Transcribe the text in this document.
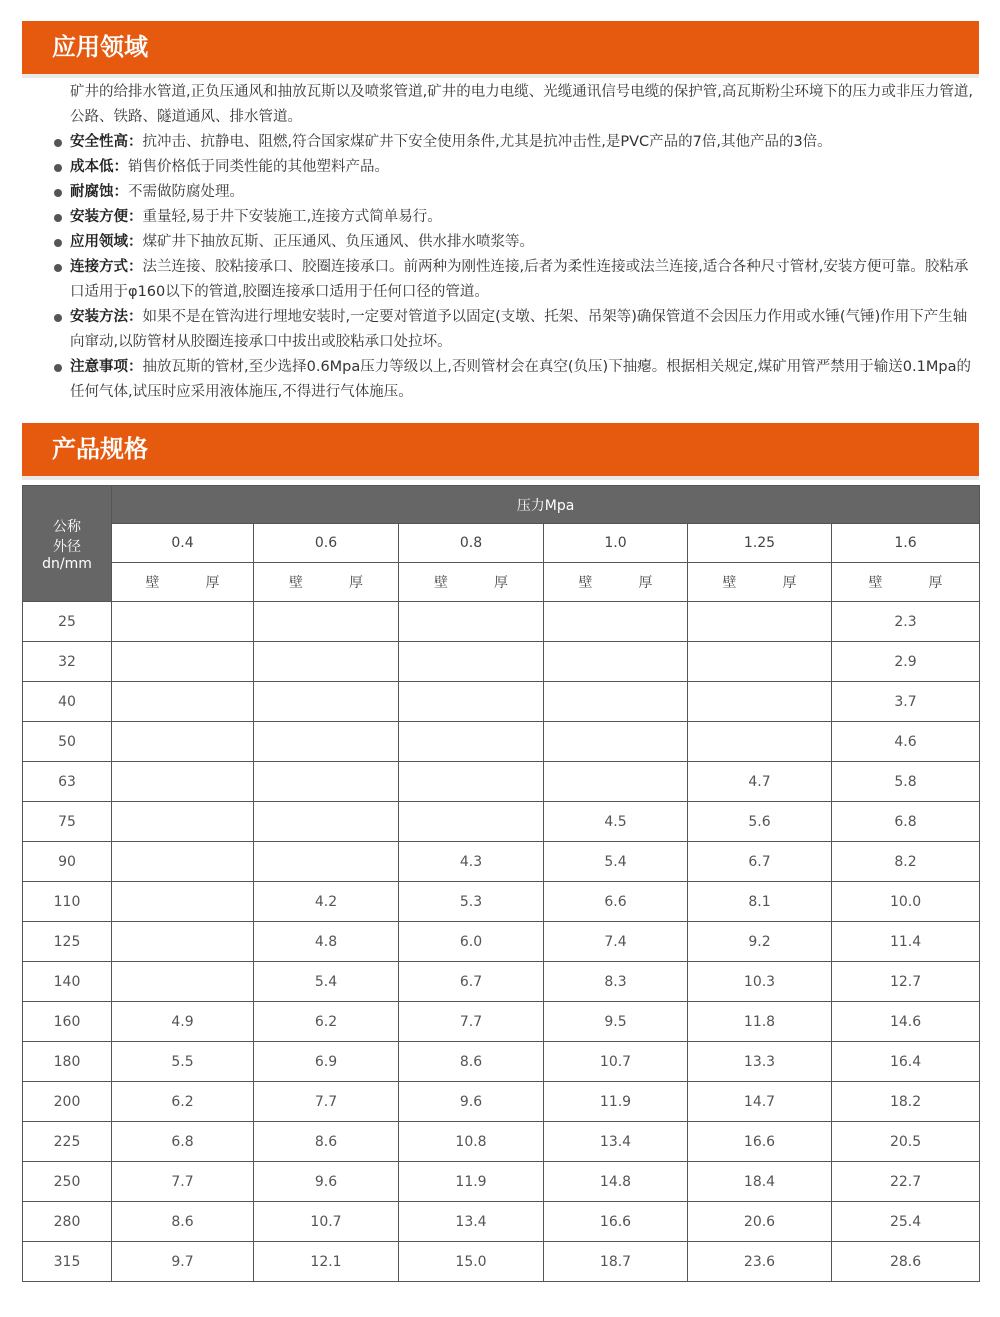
应用领域
矿井的给排水管道,正负压通风和抽放瓦斯以及喷浆管道,矿井的电力电缆、光缆通讯信号电缆的保护管,高瓦斯粉尘环境下的压力或非压力管道,公路、铁路、隧道通风、排水管道。
安全性高：抗冲击、抗静电、阻燃,符合国家煤矿井下安全使用条件,尤其是抗冲击性,是PVC产品的7倍,其他产品的3倍。
成本低：销售价格低于同类性能的其他塑料产品。
耐腐蚀：不需做防腐处理。
安装方便：重量轻,易于井下安装施工,连接方式简单易行。
应用领域：煤矿井下抽放瓦斯、正压通风、负压通风、供水排水喷浆等。
连接方式：法兰连接、胶粘接承口、胶圈连接承口。前两种为刚性连接,后者为柔性连接或法兰连接,适合各种尺寸管材,安装方便可靠。胶粘承口适用于φ160以下的管道,胶圈连接承口适用于任何口径的管道。
安装方法：如果不是在管沟进行埋地安装时,一定要对管道予以固定(支墩、托架、吊架等)确保管道不会因压力作用或水锤(气锤)作用下产生轴向窜动,以防管材从胶圈连接承口中拔出或胶粘承口处拉坏。
注意事项：抽放瓦斯的管材,至少选择0.6Mpa压力等级以上,否则管材会在真空(负压)下抽瘪。根据相关规定,煤矿用管严禁用于输送0.1Mpa的任何气体,试压时应采用液体施压,不得进行气体施压。
产品规格
公称
外径
dn/mm	压力Mpa					
	0.4	0.6	0.8	1.0	1.25	1.6
	壁 厚	壁 厚	壁 厚	壁 厚	壁 厚	壁 厚
25						2.3
32						2.9
40						3.7
50						4.6
63					4.7	5.8
75				4.5	5.6	6.8
90			4.3	5.4	6.7	8.2
110		4.2	5.3	6.6	8.1	10.0
125		4.8	6.0	7.4	9.2	11.4
140		5.4	6.7	8.3	10.3	12.7
160	4.9	6.2	7.7	9.5	11.8	14.6
180	5.5	6.9	8.6	10.7	13.3	16.4
200	6.2	7.7	9.6	11.9	14.7	18.2
225	6.8	8.6	10.8	13.4	16.6	20.5
250	7.7	9.6	11.9	14.8	18.4	22.7
280	8.6	10.7	13.4	16.6	20.6	25.4
315	9.7	12.1	15.0	18.7	23.6	28.6
